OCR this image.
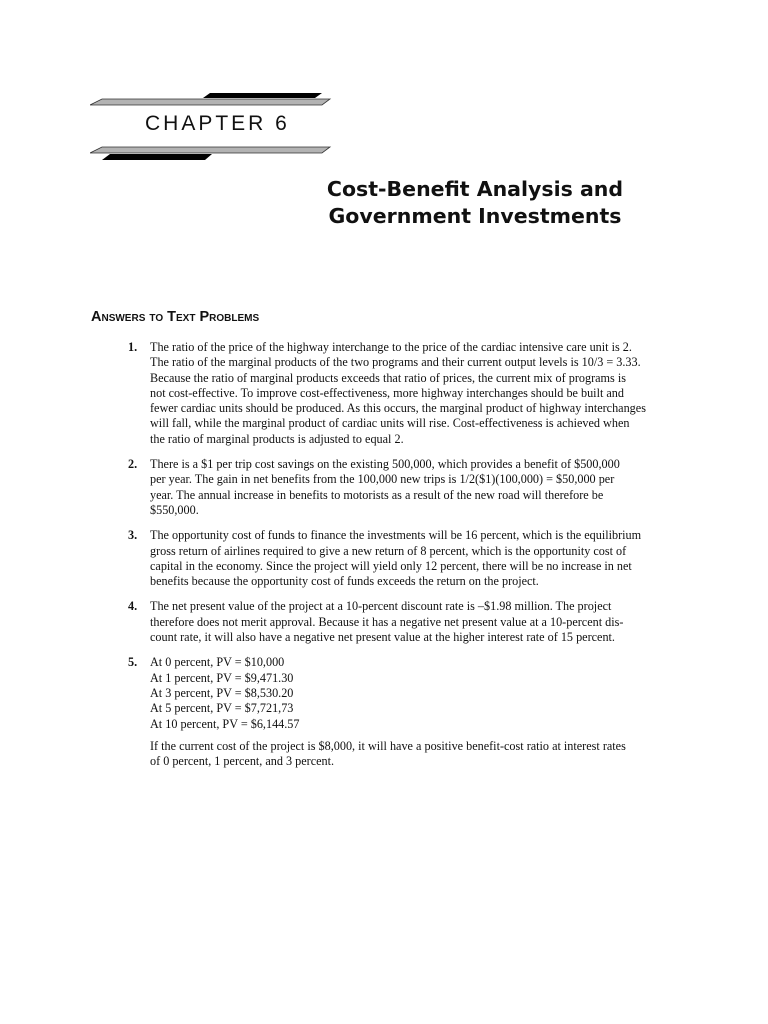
CHAPTER 6
Cost-Benefit Analysis and
Government Investments
Answers to Text Problems
1. The ratio of the price of the highway interchange to the price of the cardiac intensive care unit is 2.
The ratio of the marginal products of the two programs and their current output levels is 10/3 = 3.33.
Because the ratio of marginal products exceeds that ratio of prices, the current mix of programs is
not cost-effective. To improve cost-effectiveness, more highway interchanges should be built and
fewer cardiac units should be produced. As this occurs, the marginal product of highway interchanges
will fall, while the marginal product of cardiac units will rise. Cost-effectiveness is achieved when
the ratio of marginal products is adjusted to equal 2.
2. There is a $1 per trip cost savings on the existing 500,000, which provides a benefit of $500,000
per year. The gain in net benefits from the 100,000 new trips is 1/2($1)(100,000) = $50,000 per
year. The annual increase in benefits to motorists as a result of the new road will therefore be
$550,000.
3. The opportunity cost of funds to finance the investments will be 16 percent, which is the equilibrium
gross return of airlines required to give a new return of 8 percent, which is the opportunity cost of
capital in the economy. Since the project will yield only 12 percent, there will be no increase in net
benefits because the opportunity cost of funds exceeds the return on the project.
4. The net present value of the project at a 10-percent discount rate is –$1.98 million. The project
therefore does not merit approval. Because it has a negative net present value at a 10-percent dis-
count rate, it will also have a negative net present value at the higher interest rate of 15 percent.
5. At 0 percent, PV = $10,000
At 1 percent, PV = $9,471.30
At 3 percent, PV = $8,530.20
At 5 percent, PV = $7,721,73
At 10 percent, PV = $6,144.57
If the current cost of the project is $8,000, it will have a positive benefit-cost ratio at interest rates
of 0 percent, 1 percent, and 3 percent.
